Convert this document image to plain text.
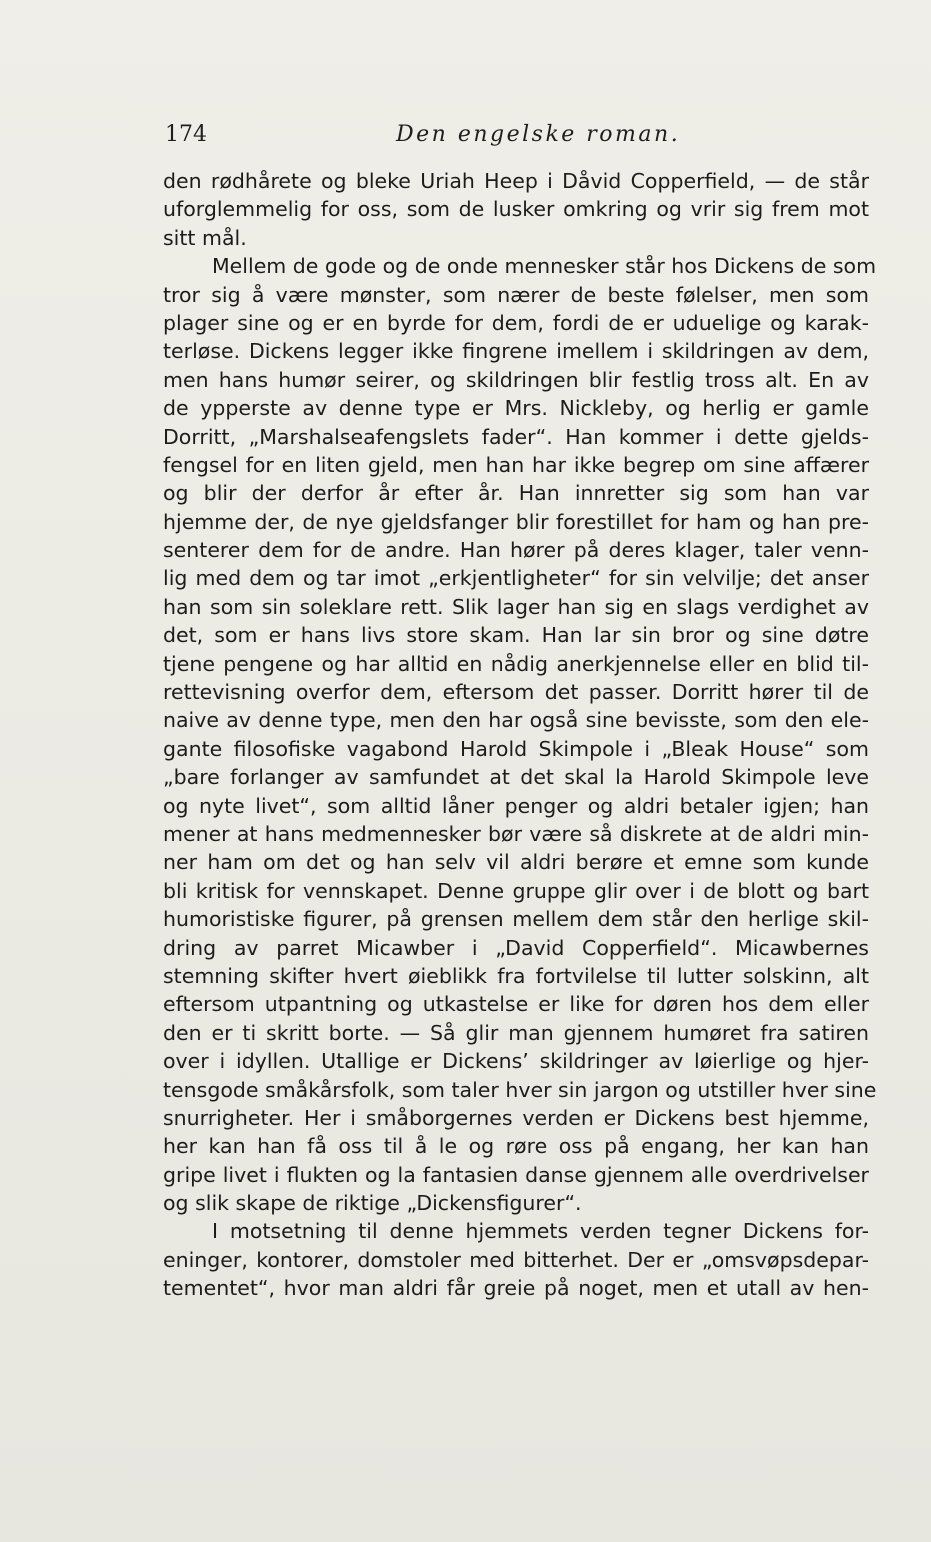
174	Den engelske roman.
den rødhårete og bleke Uriah Heep i Dåvid Copperfield, — de står
uforglemmelig for oss, som de lusker omkring og vrir sig frem mot
sitt mål.
Mellem de gode og de onde mennesker står hos Dickens de som
tror sig å være mønster, som nærer de beste følelser, men som
plager sine og er en byrde for dem, fordi de er uduelige og karak-
terløse. Dickens legger ikke fingrene imellem i skildringen av dem,
men hans humør seirer, og skildringen blir festlig tross alt. En av
de ypperste av denne type er Mrs. Nickleby, og herlig er gamle
Dorritt, „Marshalseafengslets fader“. Han kommer i dette gjelds-
fengsel for en liten gjeld, men han har ikke begrep om sine affærer
og blir der derfor år efter år. Han innretter sig som han var
hjemme der, de nye gjeldsfanger blir forestillet for ham og han pre-
senterer dem for de andre. Han hører på deres klager, taler venn-
lig med dem og tar imot „erkjentligheter“ for sin velvilje; det anser
han som sin soleklare rett. Slik lager han sig en slags verdighet av
det, som er hans livs store skam. Han lar sin bror og sine døtre
tjene pengene og har alltid en nådig anerkjennelse eller en blid til-
rettevisning overfor dem, eftersom det passer. Dorritt hører til de
naive av denne type, men den har også sine bevisste, som den ele-
gante filosofiske vagabond Harold Skimpole i „Bleak House“ som
„bare forlanger av samfundet at det skal la Harold Skimpole leve
og nyte livet“, som alltid låner penger og aldri betaler igjen; han
mener at hans medmennesker bør være så diskrete at de aldri min-
ner ham om det og han selv vil aldri berøre et emne som kunde
bli kritisk for vennskapet. Denne gruppe glir over i de blott og bart
humoristiske figurer, på grensen mellem dem står den herlige skil-
dring av parret Micawber i „David Copperfield“. Micawbernes
stemning skifter hvert øieblikk fra fortvilelse til lutter solskinn, alt
eftersom utpantning og utkastelse er like for døren hos dem eller
den er ti skritt borte. — Så glir man gjennem humøret fra satiren
over i idyllen. Utallige er Dickens’ skildringer av løierlige og hjer-
tensgode småkårsfolk, som taler hver sin jargon og utstiller hver sine
snurrigheter. Her i småborgernes verden er Dickens best hjemme,
her kan han få oss til å le og røre oss på engang, her kan han
gripe livet i flukten og la fantasien danse gjennem alle overdrivelser
og slik skape de riktige „Dickensfigurer“.
I motsetning til denne hjemmets verden tegner Dickens for-
eninger, kontorer, domstoler med bitterhet. Der er „omsvøpsdepar-
tementet“, hvor man aldri får greie på noget, men et utall av hen-
